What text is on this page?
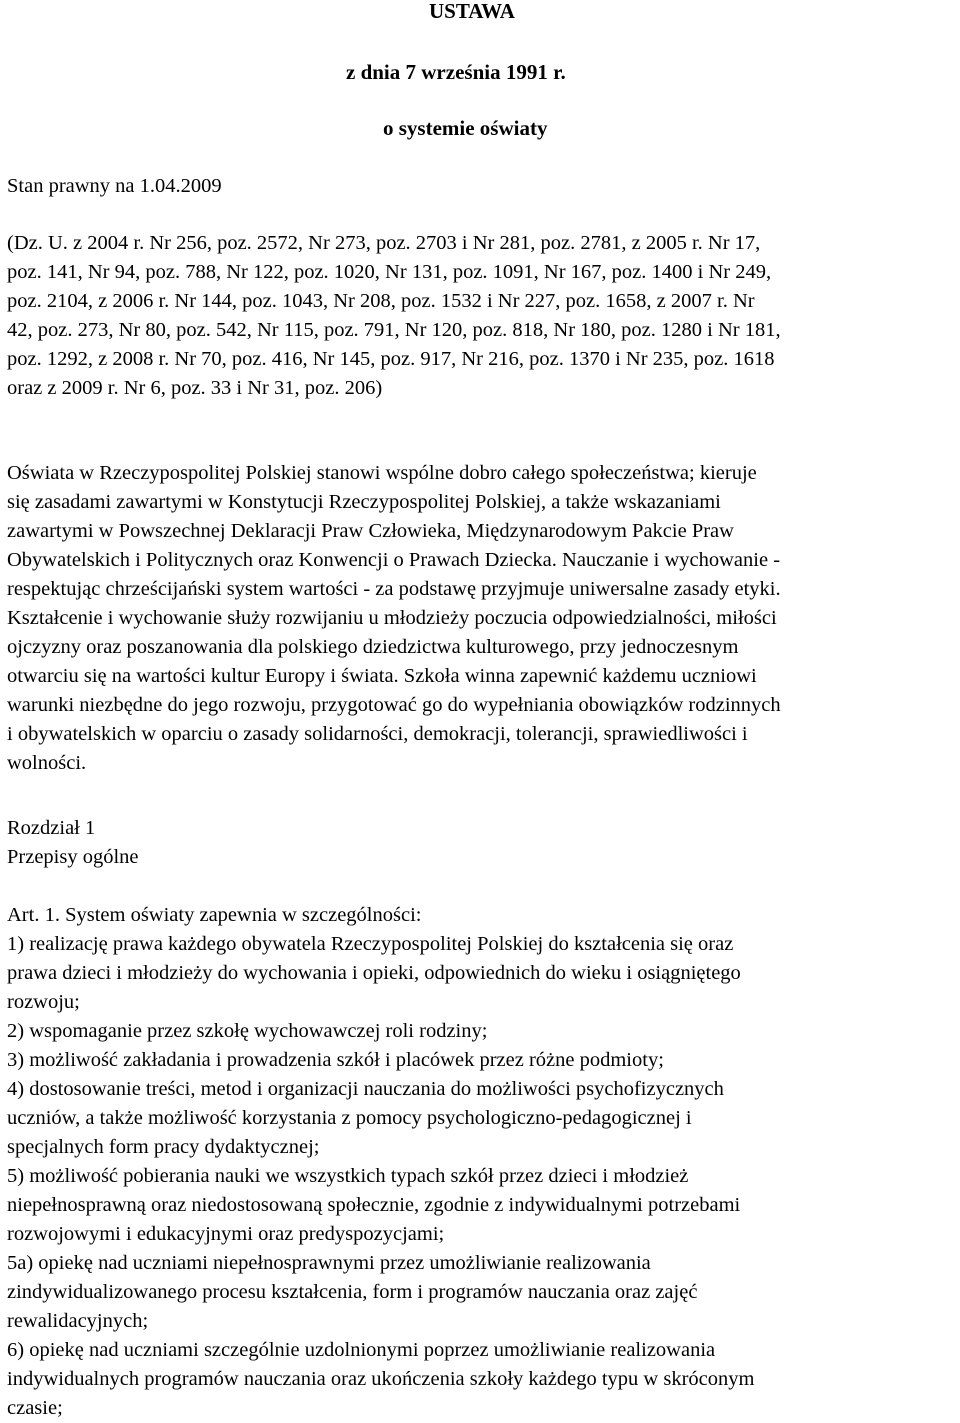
USTAWA
z dnia 7 września 1991 r.
o systemie oświaty
Stan prawny na 1.04.2009
(Dz. U. z 2004 r. Nr 256, poz. 2572, Nr 273, poz. 2703 i Nr 281, poz. 2781, z 2005 r. Nr 17,
poz. 141, Nr 94, poz. 788, Nr 122, poz. 1020, Nr 131, poz. 1091, Nr 167, poz. 1400 i Nr 249,
poz. 2104, z 2006 r. Nr 144, poz. 1043, Nr 208, poz. 1532 i Nr 227, poz. 1658, z 2007 r. Nr
42, poz. 273, Nr 80, poz. 542, Nr 115, poz. 791, Nr 120, poz. 818, Nr 180, poz. 1280 i Nr 181,
poz. 1292, z 2008 r. Nr 70, poz. 416, Nr 145, poz. 917, Nr 216, poz. 1370 i Nr 235, poz. 1618
oraz z 2009 r. Nr 6, poz. 33 i Nr 31, poz. 206)
Oświata w Rzeczypospolitej Polskiej stanowi wspólne dobro całego społeczeństwa; kieruje
się zasadami zawartymi w Konstytucji Rzeczypospolitej Polskiej, a także wskazaniami
zawartymi w Powszechnej Deklaracji Praw Człowieka, Międzynarodowym Pakcie Praw
Obywatelskich i Politycznych oraz Konwencji o Prawach Dziecka. Nauczanie i wychowanie -
respektując chrześcijański system wartości - za podstawę przyjmuje uniwersalne zasady etyki.
Kształcenie i wychowanie służy rozwijaniu u młodzieży poczucia odpowiedzialności, miłości
ojczyzny oraz poszanowania dla polskiego dziedzictwa kulturowego, przy jednoczesnym
otwarciu się na wartości kultur Europy i świata. Szkoła winna zapewnić każdemu uczniowi
warunki niezbędne do jego rozwoju, przygotować go do wypełniania obowiązków rodzinnych
i obywatelskich w oparciu o zasady solidarności, demokracji, tolerancji, sprawiedliwości i
wolności.
Rozdział 1
Przepisy ogólne
Art. 1. System oświaty zapewnia w szczególności:
1) realizację prawa każdego obywatela Rzeczypospolitej Polskiej do kształcenia się oraz
prawa dzieci i młodzieży do wychowania i opieki, odpowiednich do wieku i osiągniętego
rozwoju;
2) wspomaganie przez szkołę wychowawczej roli rodziny;
3) możliwość zakładania i prowadzenia szkół i placówek przez różne podmioty;
4) dostosowanie treści, metod i organizacji nauczania do możliwości psychofizycznych
uczniów, a także możliwość korzystania z pomocy psychologiczno-pedagogicznej i
specjalnych form pracy dydaktycznej;
5) możliwość pobierania nauki we wszystkich typach szkół przez dzieci i młodzież
niepełnosprawną oraz niedostosowaną społecznie, zgodnie z indywidualnymi potrzebami
rozwojowymi i edukacyjnymi oraz predyspozycjami;
5a) opiekę nad uczniami niepełnosprawnymi przez umożliwianie realizowania
zindywidualizowanego procesu kształcenia, form i programów nauczania oraz zajęć
rewalidacyjnych;
6) opiekę nad uczniami szczególnie uzdolnionymi poprzez umożliwianie realizowania
indywidualnych programów nauczania oraz ukończenia szkoły każdego typu w skróconym
czasie;
